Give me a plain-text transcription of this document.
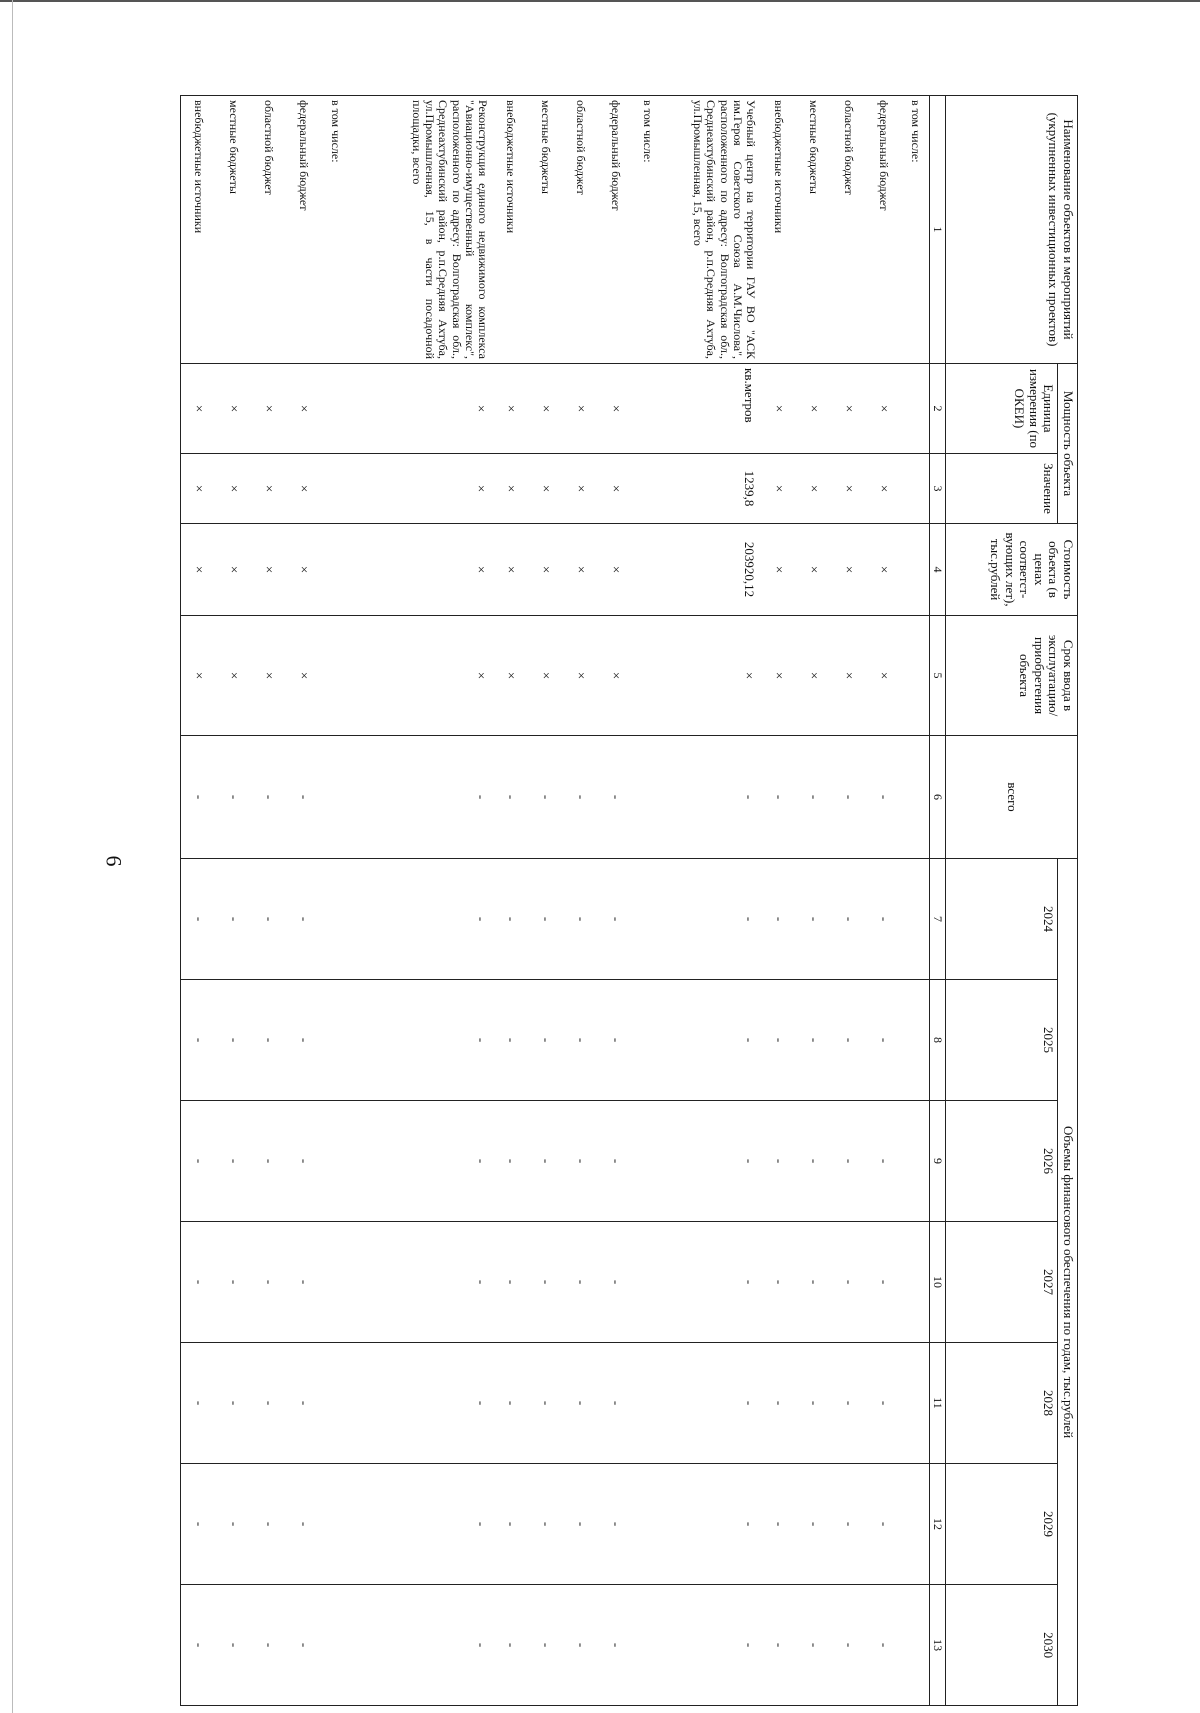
6
Наименование объектов и мероприятий (укрупненных инвестиционных проектов)	Мощность объекта		Стоимость объекта (в ценах соответст-вующих лет), тыс.рублей	Срок ввода в эксплуатацию/ приобретения объекта	всего	Объемы финансового обеспечения по годам, тыс.рублей						
	Единица измерения (по ОКЕИ)	Значение				2024	2025	2026	2027	2028	2029	2030
1	2	3	4	5	6	7	8	9	10	11	12	13
в том числе:												
федеральный бюджет	×	×	×	×	-	-	-	-	-	-	-	-
областной бюджет	×	×	×	×	-	-	-	-	-	-	-	-
местные бюджеты	×	×	×	×	-	-	-	-	-	-	-	-
внебюджетные источники	×	×	×	×	-	-	-	-	-	-	-	-
Учебный центр на территории ГАУ ВО "АСК им.Героя Советского Союза А.М.Числова", расположенного по адресу: Волгоградская обл., Среднеахтубинский район, р.п.Средняя Ахтуба, ул.Промышленная, 15, всего	кв.метров	1239,8	203920,12	×	-	-	-	-	-	-	-	-
в том числе:												
федеральный бюджет	×	×	×	×	-	-	-	-	-	-	-	-
областной бюджет	×	×	×	×	-	-	-	-	-	-	-	-
местные бюджеты	×	×	×	×	-	-	-	-	-	-	-	-
внебюджетные источники	×	×	×	×	-	-	-	-	-	-	-	-
Реконструкция единого недвижимого комплекса "Авиационно-имущественный комплекс", расположенного по адресу: Волгоградская обл., Среднеахтубинский район, р.п.Средняя Ахтуба, ул.Промышленная, 15, в части посадочной площадки, всего	×	×	×	×	-	-	-	-	-	-	-	-
в том числе:												
федеральный бюджет	×	×	×	×	-	-	-	-	-	-	-	-
областной бюджет	×	×	×	×	-	-	-	-	-	-	-	-
местные бюджеты	×	×	×	×	-	-	-	-	-	-	-	-
внебюджетные источники	×	×	×	×	-	-	-	-	-	-	-	-
